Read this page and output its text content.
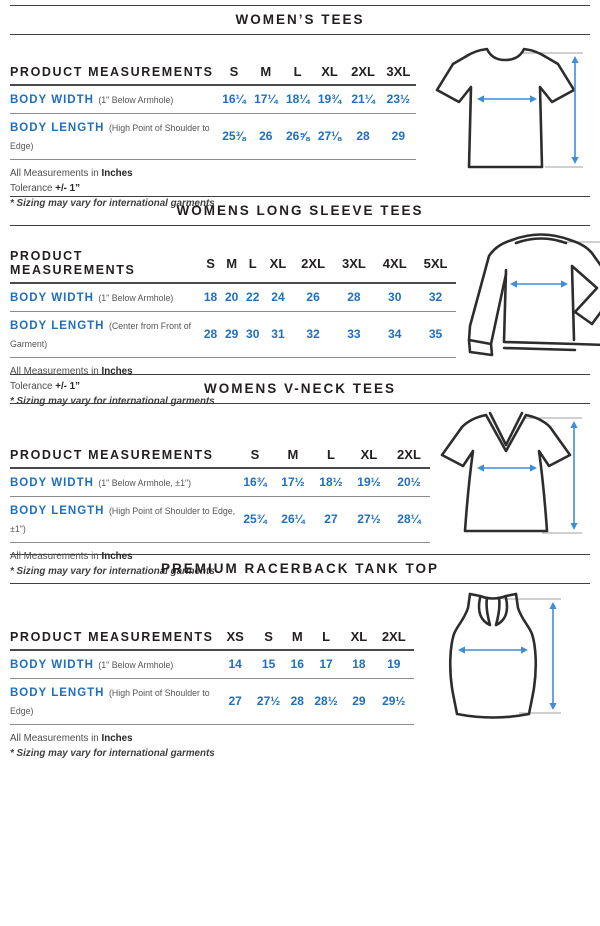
WOMEN’S TEES
PRODUCT MEASUREMENTS	S	M	L	XL	2XL	3XL
BODY WIDTH (1" Below Armhole)	16¼	17¼	18¼	19¾	21¼	23½
BODY LENGTH (High Point of Shoulder to Edge)	25⅜	26	26⅝	27⅛	28	29

All Measurements in Inches

Tolerance +/- 1”

* Sizing may vary for international garments

WOMENS LONG SLEEVE TEES
PRODUCT MEASUREMENTS	S	M	L	XL	2XL	3XL	4XL	5XL
BODY WIDTH (1" Below Armhole)	18	20	22	24	26	28	30	32
BODY LENGTH (Center from Front of Garment)	28	29	30	31	32	33	34	35

All Measurements in Inches

Tolerance +/- 1”

* Sizing may vary for international garments

WOMENS V-NECK TEES
PRODUCT MEASUREMENTS	S	M	L	XL	2XL
BODY WIDTH (1" Below Armhole, ±1")	16¾	17½	18½	19½	20½
BODY LENGTH (High Point of Shoulder to Edge, ±1")	25¾	26¼	27	27½	28¼

All Measurements in Inches

* Sizing may vary for international garments

PREMIUM RACERBACK TANK TOP
PRODUCT MEASUREMENTS	XS	S	M	L	XL	2XL
BODY WIDTH (1" Below Armhole)	14	15	16	17	18	19
BODY LENGTH (High Point of Shoulder to Edge)	27	27½	28	28½	29	29½

All Measurements in Inches

* Sizing may vary for international garments
